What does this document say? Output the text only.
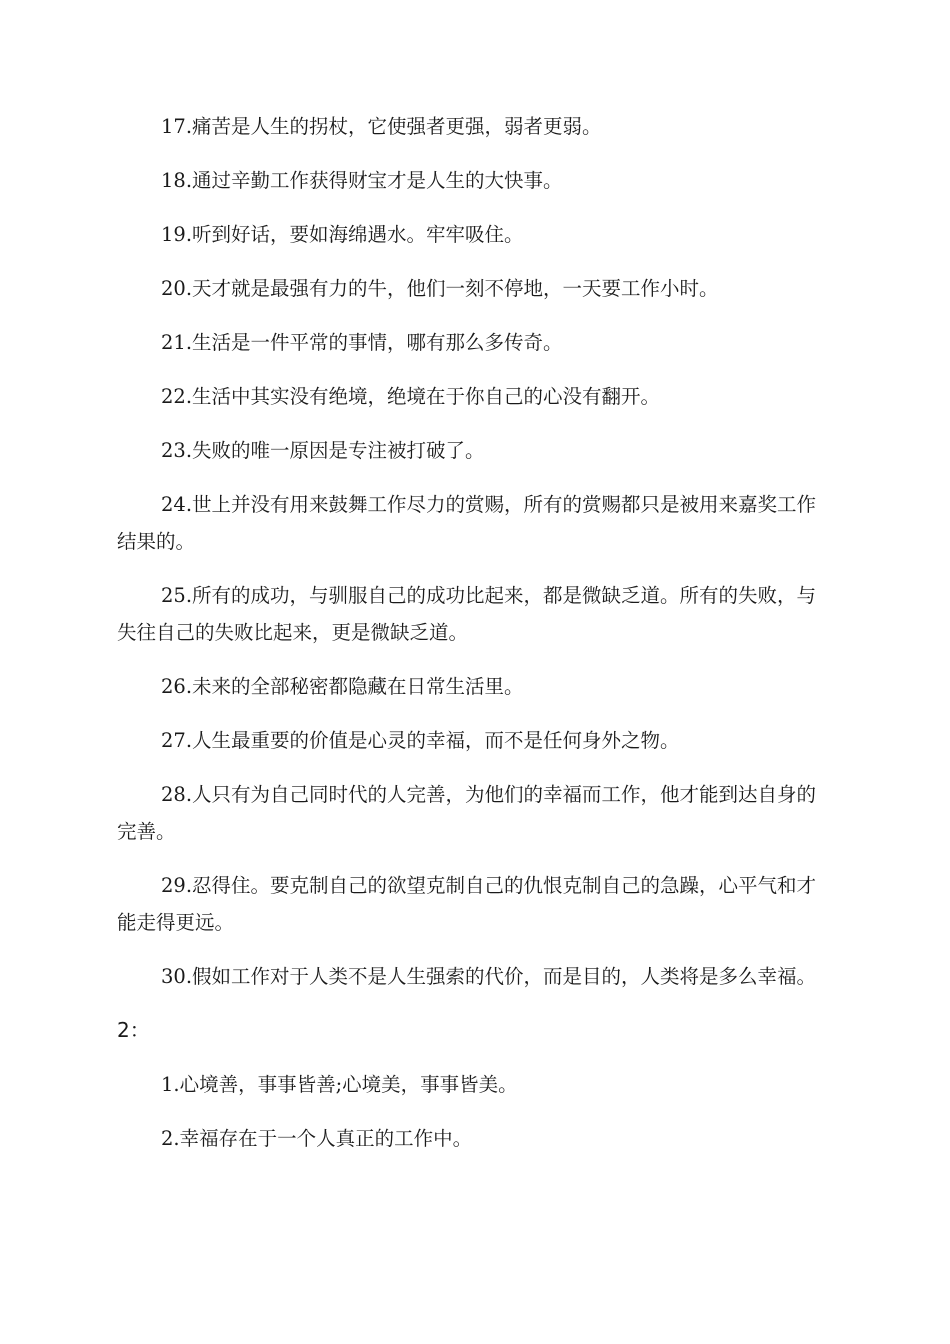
17.痛苦是人生的拐杖，它使强者更强，弱者更弱。

18.通过辛勤工作获得财宝才是人生的大快事。

19.听到好话，要如海绵遇水。牢牢吸住。

20.天才就是最强有力的牛，他们一刻不停地，一天要工作小时。

21.生活是一件平常的事情，哪有那么多传奇。

22.生活中其实没有绝境，绝境在于你自己的心没有翻开。

23.失败的唯一原因是专注被打破了。

24.世上并没有用来鼓舞工作尽力的赏赐，所有的赏赐都只是被用来嘉奖工作结果的。

25.所有的成功，与驯服自己的成功比起来，都是微缺乏道。所有的失败，与失往自己的失败比起来，更是微缺乏道。

26.未来的全部秘密都隐藏在日常生活里。

27.人生最重要的价值是心灵的幸福，而不是任何身外之物。

28.人只有为自己同时代的人完善，为他们的幸福而工作，他才能到达自身的完善。

29.忍得住。要克制自己的欲望克制自己的仇恨克制自己的急躁，心平气和才能走得更远。

30.假如工作对于人类不是人生强索的代价，而是目的，人类将是多么幸福。

2：

1.心境善，事事皆善;心境美，事事皆美。

2.幸福存在于一个人真正的工作中。
